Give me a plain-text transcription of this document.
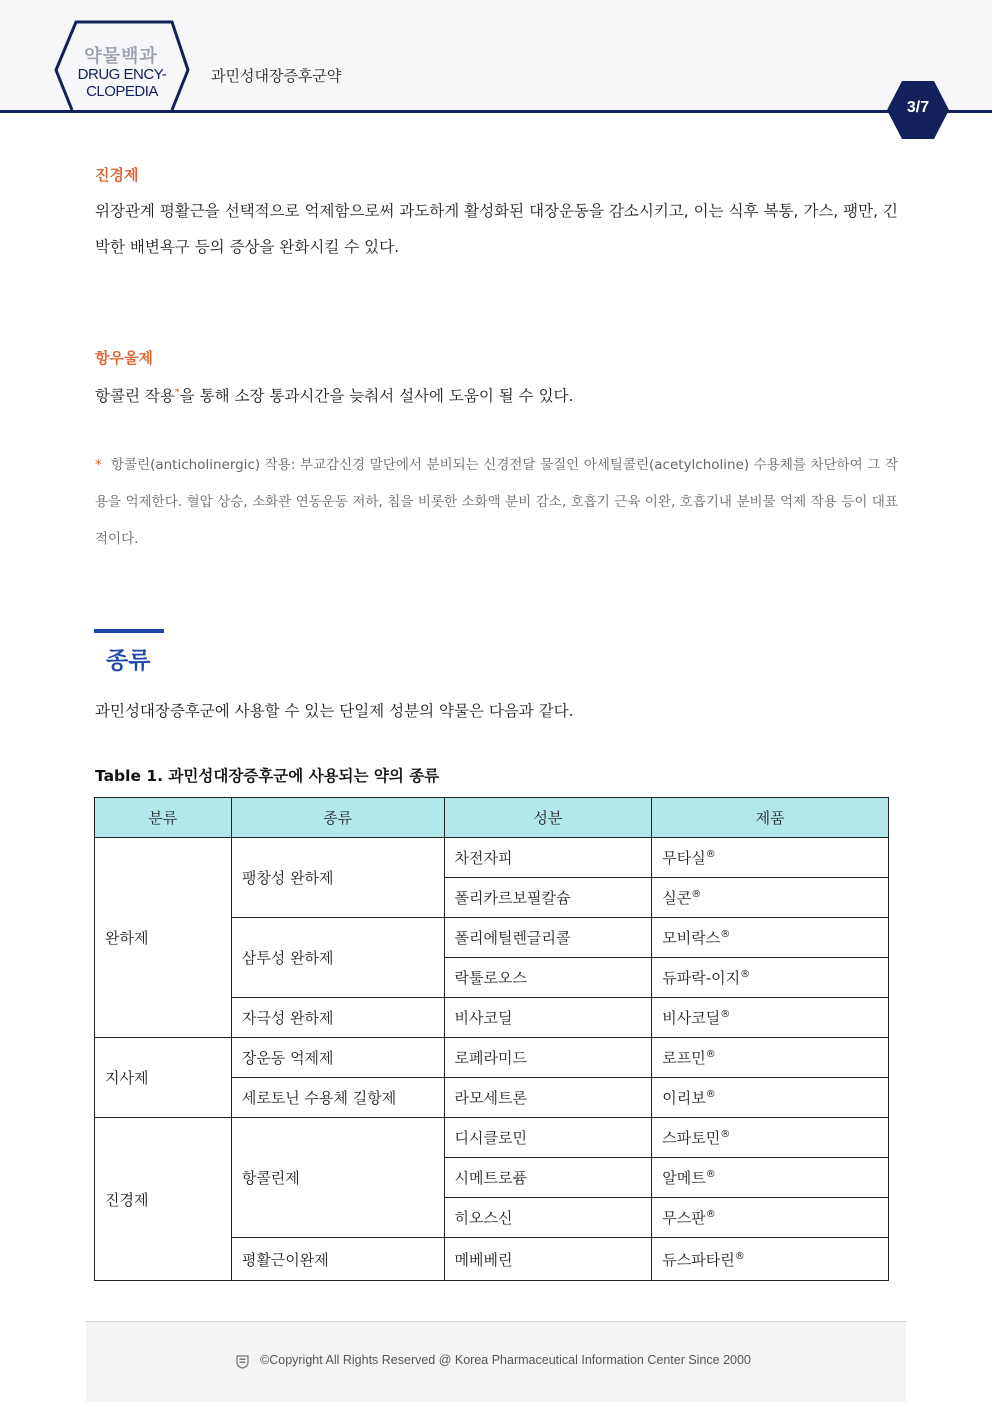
약물백과
DRUG ENCY-
CLOPEDIA
과민성대장증후군약
3/7
진경제
위장관계 평활근을 선택적으로 억제함으로써 과도하게 활성화된 대장운동을 감소시키고, 이는 식후 복통, 가스, 팽만, 긴박한 배변욕구 등의 증상을 완화시킬 수 있다.
항우울제
항콜린 작용*을 통해 소장 통과시간을 늦춰서 설사에 도움이 될 수 있다.
* 항콜린(anticholinergic) 작용: 부교감신경 말단에서 분비되는 신경전달 물질인 아세틸콜린(acetylcholine) 수용체를 차단하여 그 작용을 억제한다. 혈압 상승, 소화관 연동운동 저하, 침을 비롯한 소화액 분비 감소, 호흡기 근육 이완, 호흡기내 분비물 억제 작용 등이 대표적이다.
종류
과민성대장증후군에 사용할 수 있는 단일제 성분의 약물은 다음과 같다.
Table 1. 과민성대장증후군에 사용되는 약의 종류
분류	종류	성분	제품
완하제	팽창성 완하제	차전자피	무타실®
		폴리카르보필칼슘	실콘®
	삼투성 완하제	폴리에틸렌글리콜	모비락스®
		락툴로오스	듀파락-이지®
	자극성 완하제	비사코딜	비사코딜®
지사제	장운동 억제제	로페라미드	로프민®
	세로토닌 수용체 길항제	라모세트론	이리보®
진경제	항콜린제	디시클로민	스파토민®
		시메트로퓸	알메트®
		히오스신	무스판®
	평활근이완제	메베베린	듀스파타린®
©Copyright All Rights Reserved @ Korea Pharmaceutical Information Center Since 2000
